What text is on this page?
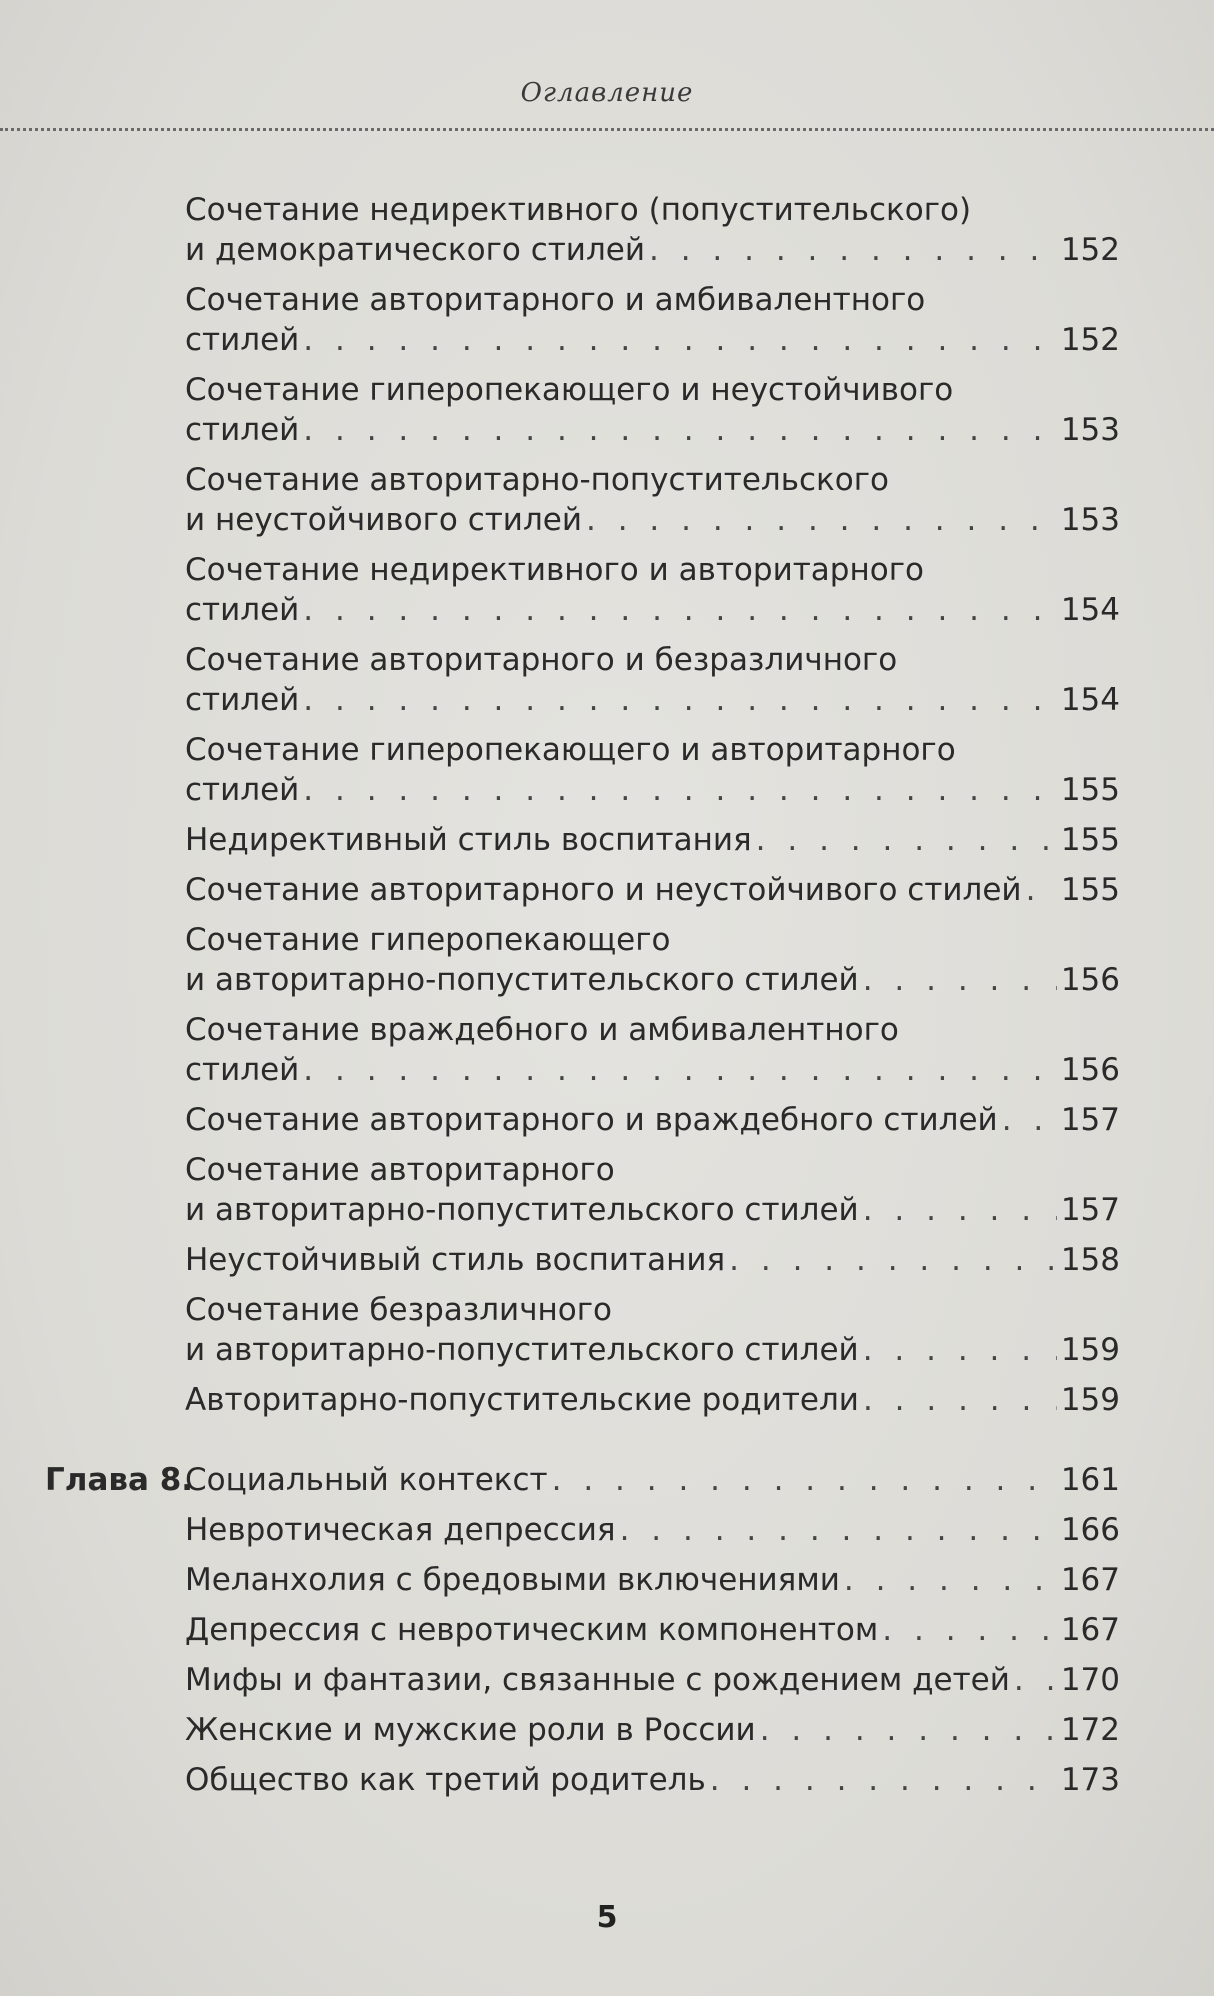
Оглавление
Сочетание недирективного (попустительского)
и демократического стилей . . .	152
Сочетание авторитарного и амбивалентного
стилей . . .	152
Сочетание гиперопекающего и неустойчивого
стилей . . .	153
Сочетание авторитарно-попустительского
и неустойчивого стилей . . .	153
Сочетание недирективного и авторитарного
стилей . . .	154
Сочетание авторитарного и безразличного
стилей . . .	154
Сочетание гиперопекающего и авторитарного
стилей . . .	155
Недирективный стиль воспитания . . .	155
Сочетание авторитарного и неустойчивого стилей . . . 155
Сочетание гиперопекающего
и авторитарно-попустительского стилей . . .	156
Сочетание враждебного и амбивалентного
стилей . . .	156
Сочетание авторитарного и враждебного стилей . . . 157
Сочетание авторитарного
и авторитарно-попустительского стилей . . .	157
Неустойчивый стиль воспитания . . .	158
Сочетание безразличного
и авторитарно-попустительского стилей . . .	159
Авторитарно-попустительские родители . . .	159
Глава 8.
Социальный контекст . . .	161
Невротическая депрессия . . .	166
Меланхолия с бредовыми включениями . . .	167
Депрессия с невротическим компонентом . . .	167
Мифы и фантазии, связанные с рождением детей . . . 170
Женские и мужские роли в России . . .	172
Общество как третий родитель . . .	173
5
